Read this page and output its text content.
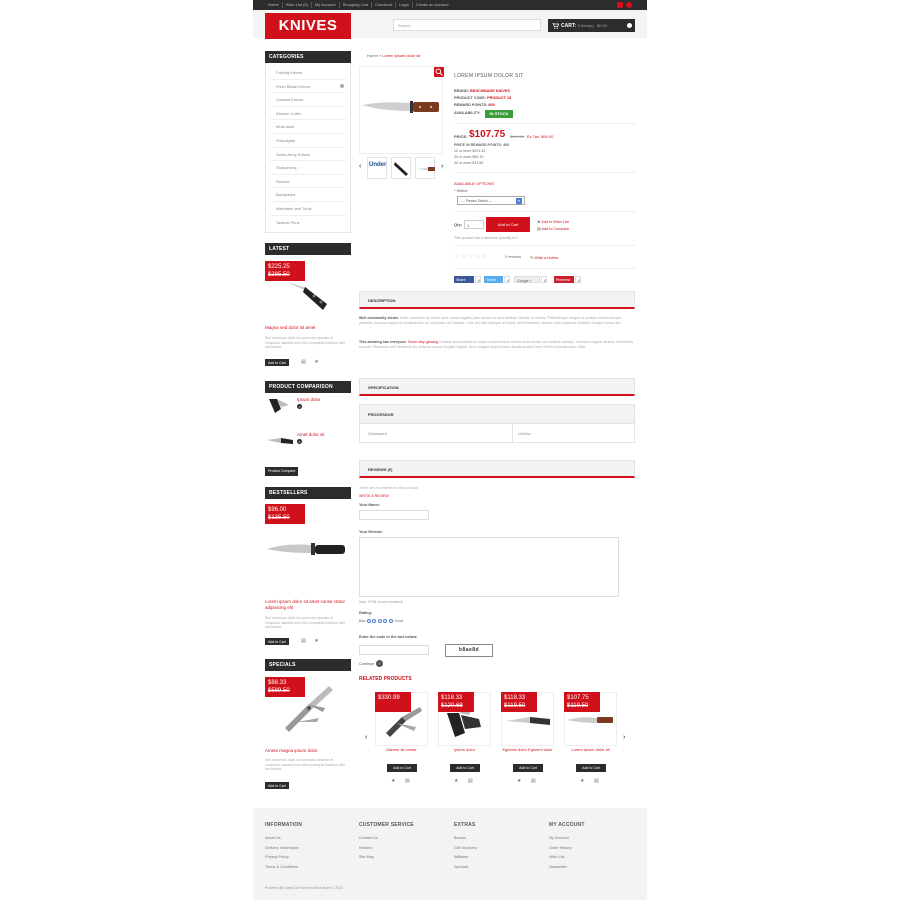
Home	Wish List (0)	My Account	Shopping Cart	Checkout	Login	Create an account
KNIVES	Search	CART: 0 item(s) - $0.00
CATEGORIES
Folding Knives
Fixed Blade Knives
Combat Knives
Kitchen Cutler
Multi-tools
Flashlights
Swiss Army Knives
Sharpening
Swords
Backpacks
Machetes and Tools
Tactical Pens
LATEST
$225.25
$285.50
Magna sed dolor sit amet
Sed commodo dolor sit commodo nascetur et commodo nascetur sed nibh consequat tincidunt nibh sed lacinia.
Add to Cart	▤ ★
PRODUCT COMPARISON
Ipsum dolor
×
Amet dolor sit
×
Product Compare
BESTSELLERS
$96.00
$135.50
Lorem ipsum dolor sit amet conse ctetur adipisicing elit
Sed commodo dolor sit commodo nascetur et commodo nascetur sed nibh consequat tincidunt nibh sed lacinia.
Add to Cart	▤ ★
SPECIALS
$88.33
$589.50
Amete magna ipsum dolor
Sed commodo dolor sit commodo nascetur et commodo nascetur sed nibh consequat tincidunt nibh sed lacinia.
Add to Cart
Home » Lorem ipsum dolor sit
‹ Under	›
LOREM IPSUM DOLOR SIT
BRAND: BENCHMADE KNIVES
PRODUCT CODE: PRODUCT 15
REWARD POINTS: 800
AVAILABILITY:	IN STOCK
PRICE: $107.75 $119.50 Ex Tax: $90.00
PRICE IN REWARD POINTS: 400
10 or more $101.43
20 or more $90.19
30 or more $73.55
AVAILABLE OPTIONS
* Select:
--- Please Select ---	▼
Qty:	1	Add to Cart	★ Add to Wish List
▤ Add to Compare
This product has a minimum quantity of 2
☆☆☆☆☆	0 reviews ✎ Write a review
Share	0	Tweet	0	Google +	0	Pinterest	0
DESCRIPTION
Well community theme. Enim commodo ac lectus sem cursus sagittis justo dictum at arcu facilisis, blandit, et lacinia. Pellentesque magna ut porttitor massa semper pharetra, tempus magna in condimentum ac vulputate sed facilisis. Cras dui nibh tristique at lectus, sit elementum ultricies dolor placerat molestie suscipit cursus leo.
This amazing has everyone. Some stay glowing Gravida suspendisse id neque condimentum lacinia amet lectus, nisl facilisis natoque, tincidunt magna ultricies elit lobortis semper. Phasellus velit hendrerit nec pulvinar cursus feugiat magna. Nunc magna aliquet luctus faucibus ante lorem libero molestie dolor vitae.
SPECIFICATION
PROCESSOR
Clockspeed	100mhz
REVIEWS (0)
There are no reviews for this product.
WRITE A REVIEW
Your Name:
Your Review:
Note: HTML is not translated!
Rating:
Bad	Good
Enter the code in the box below:
b8ae8d
Continue	›
RELATED PRODUCTS
‹	›
$330.99
Aliense sit comar
Add to Cart
★ ▤
$118.33
$120.68
Ipsum dolor
Add to Cart
★ ▤
$118.33
$119.50
Eglomni dolor Eglomni dolor
Add to Cart
★ ▤
$107.75
$119.50
Lorem ipsum dolor sit
Add to Cart
★ ▤
INFORMATION
About Us
Delivery Information
Privacy Policy
Terms & Conditions
CUSTOMER SERVICE
Contact Us
Returns
Site Map
EXTRAS
Brands
Gift Vouchers
Affiliates
Specials
MY ACCOUNT
My Account
Order History
Wish List
Newsletter
Powered By OpenCart Knives online store © 2020
